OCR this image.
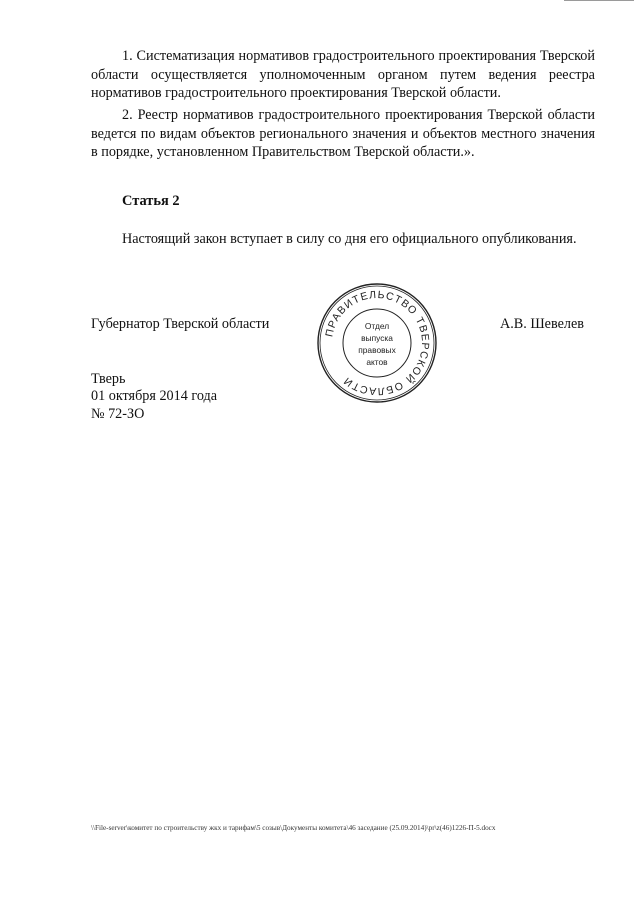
1. Систематизация нормативов градостроительного проектирования Тверской области осуществляется уполномоченным органом путем ведения реестра нормативов градостроительного проектирования Тверской области.
2. Реестр нормативов градостроительного проектирования Тверской области ведется по видам объектов регионального значения и объектов местного значения в порядке, установленном Правительством Тверской области.».
Статья 2
Настоящий закон вступает в силу со дня его официального опубликования.
Губернатор Тверской области	А.В. Шевелев
ПРАВИТЕЛЬСТВО ТВЕРСКОЙ ОБЛАСТИ
Отдел
выпуска
правовых
актов
Тверь
01 октября 2014 года
№ 72-ЗО
\\File-server\комитет по строительству жкх и тарифам\5 созыв\Документы комитета\46 заседание (25.09.2014)\pr\z(46)1226-П-5.docx
